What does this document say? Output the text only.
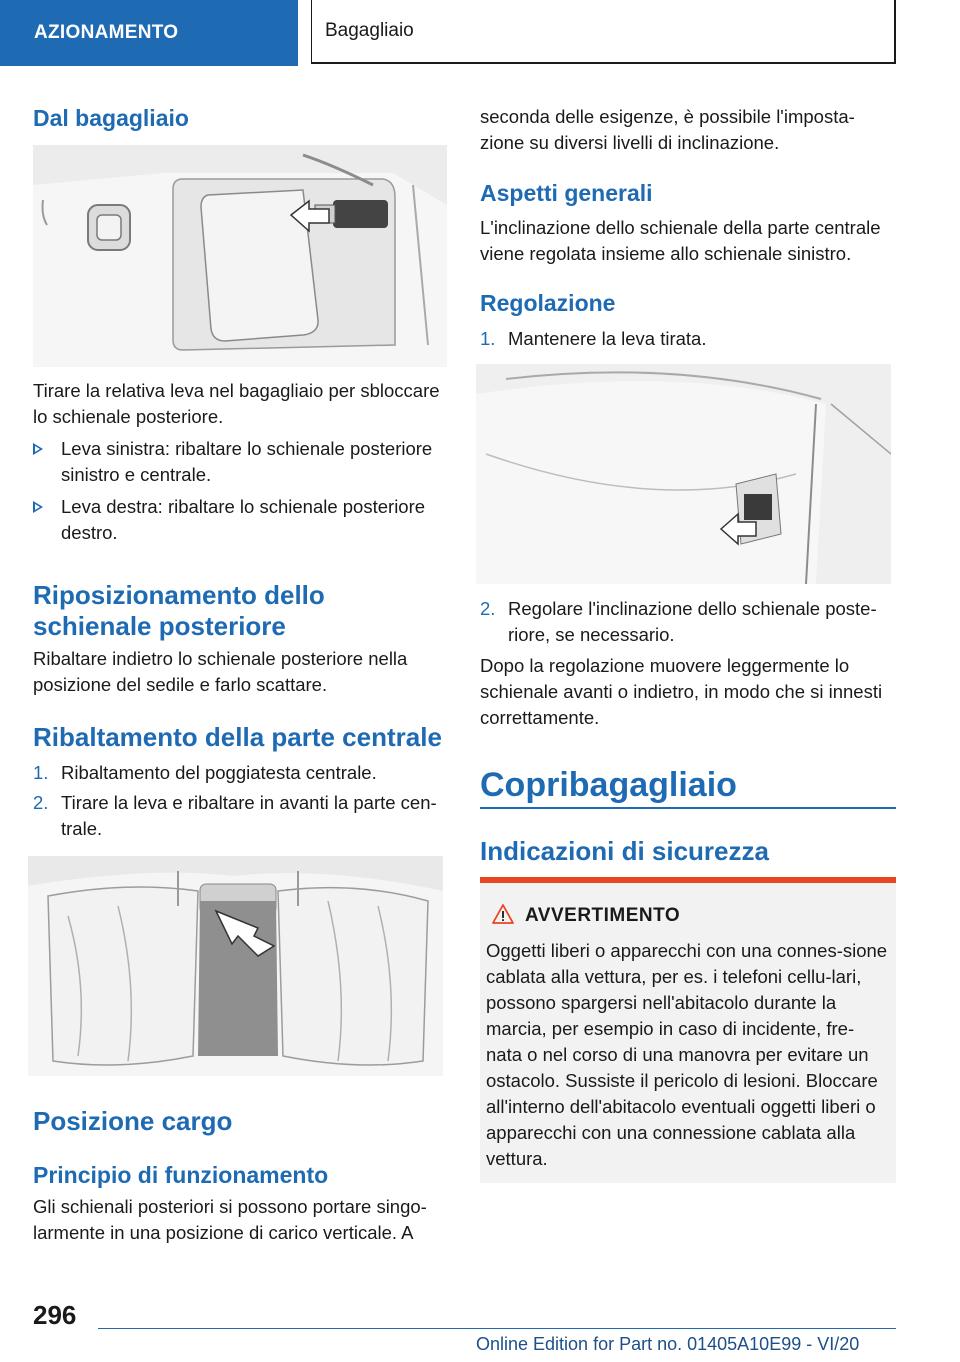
AZIONAMENTO	Bagagliaio
Dal bagagliaio
Tirare la relativa leva nel bagagliaio per sbloccare lo schienale posteriore.
Leva sinistra: ribaltare lo schienale posteriore sinistro e centrale.
Leva destra: ribaltare lo schienale posteriore destro.
Riposizionamento dello schienale posteriore
Ribaltare indietro lo schienale posteriore nella posizione del sedile e farlo scattare.
Ribaltamento della parte centrale
1. Ribaltamento del poggiatesta centrale.
2. Tirare la leva e ribaltare in avanti la parte cen-trale.
Posizione cargo
Principio di funzionamento
Gli schienali posteriori si possono portare singo-larmente in una posizione di carico verticale. A
seconda delle esigenze, è possibile l'imposta-zione su diversi livelli di inclinazione.
Aspetti generali
L'inclinazione dello schienale della parte centrale viene regolata insieme allo schienale sinistro.
Regolazione
1. Mantenere la leva tirata.
2. Regolare l'inclinazione dello schienale poste-riore, se necessario.
Dopo la regolazione muovere leggermente lo schienale avanti o indietro, in modo che si innesti correttamente.
Copribagagliaio
Indicazioni di sicurezza
AVVERTIMENTO
Oggetti liberi o apparecchi con una connes-sione cablata alla vettura, per es. i telefoni cellu-lari, possono spargersi nell'abitacolo durante la marcia, per esempio in caso di incidente, fre-nata o nel corso di una manovra per evitare un ostacolo. Sussiste il pericolo di lesioni. Bloccare all'interno dell'abitacolo eventuali oggetti liberi o apparecchi con una connessione cablata alla vettura.
296
Online Edition for Part no. 01405A10E99 - VI/20
